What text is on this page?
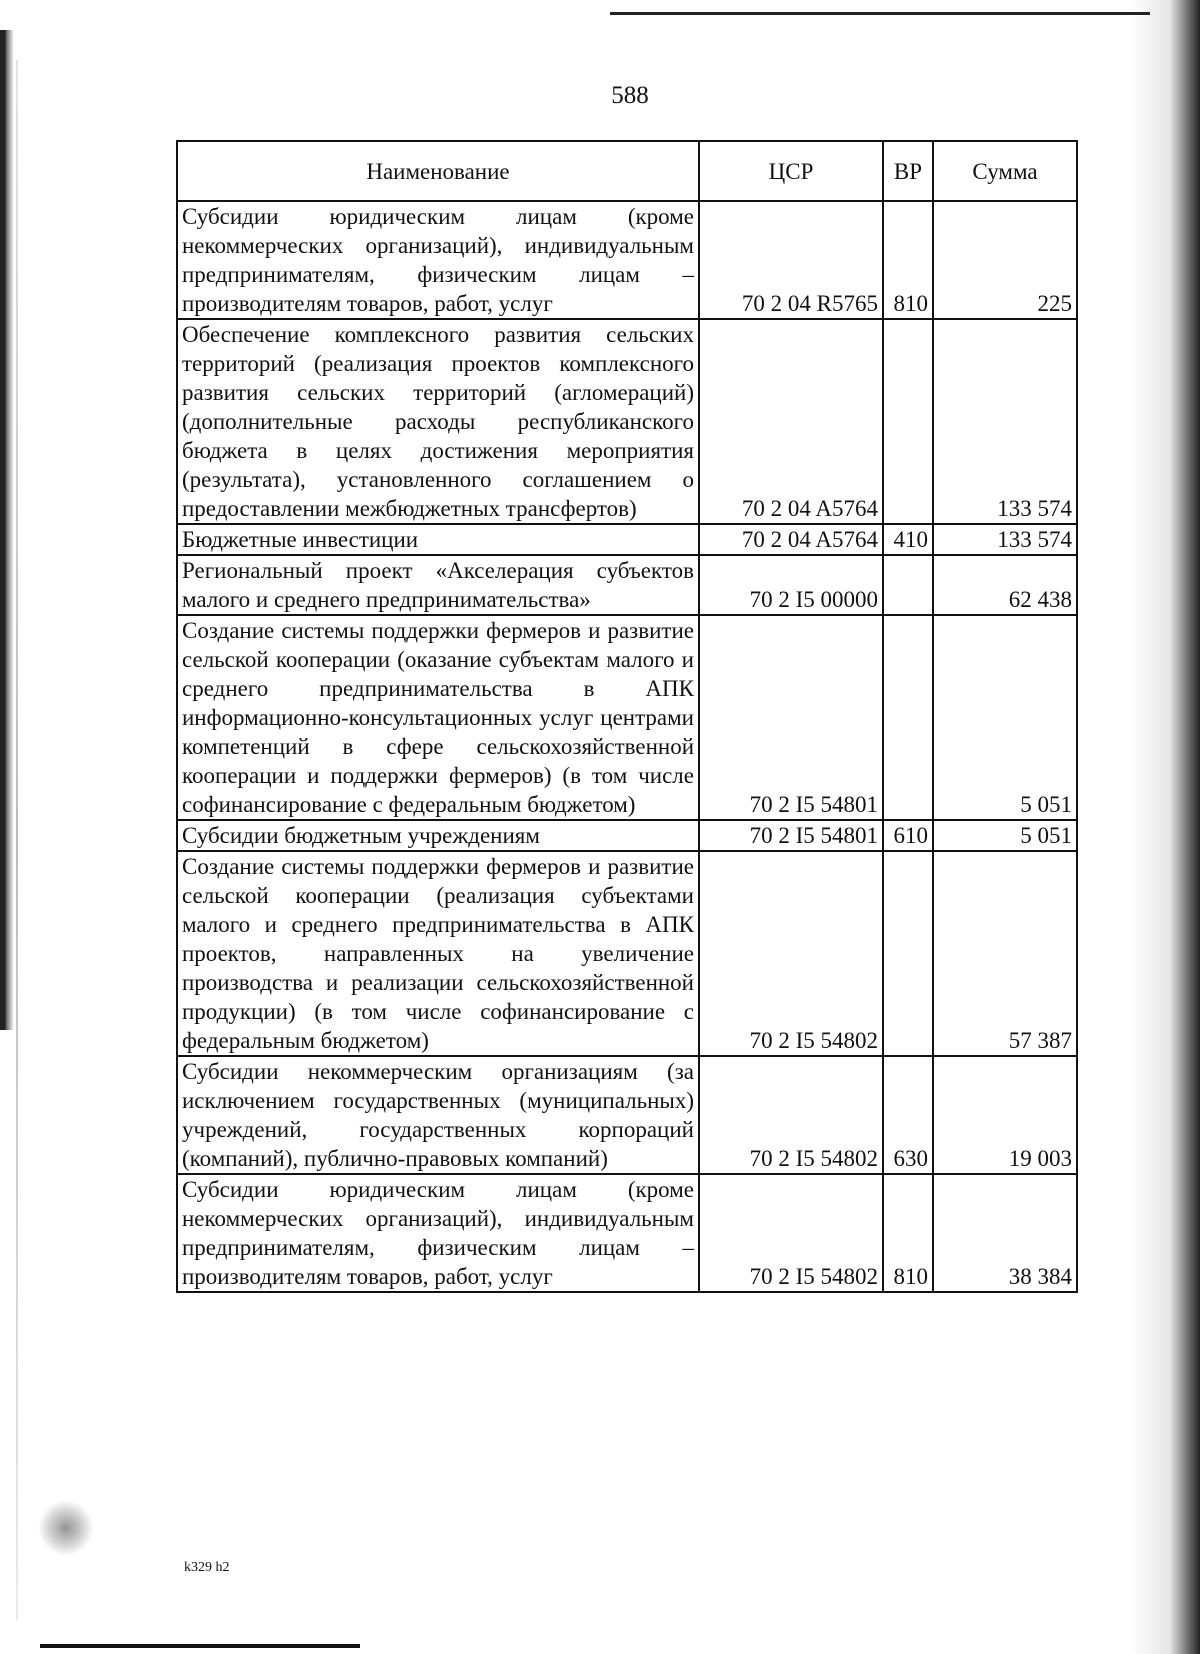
588
Наименование	ЦСР	ВР	Сумма
Субсидии юридическим лицам (кроме некоммерческих организаций), индивидуальным предпринимателям, физическим лицам – производителям товаров, работ, услуг	70 2 04 R5765	810	225
Обеспечение комплексного развития сельских территорий (реализация проектов комплексного развития сельских территорий (агломераций) (дополнительные расходы республиканского бюджета в целях достижения мероприятия (результата), установленного соглашением о предоставлении межбюджетных трансфертов)	70 2 04 A5764		133 574
Бюджетные инвестиции	70 2 04 A5764	410	133 574
Региональный проект «Акселерация субъектов малого и среднего предпринимательства»	70 2 I5 00000		62 438
Создание системы поддержки фермеров и развитие сельской кооперации (оказание субъектам малого и среднего предпринимательства в АПК информационно-консультационных услуг центрами компетенций в сфере сельскохозяйственной кооперации и поддержки фермеров) (в том числе софинансирование с федеральным бюджетом)	70 2 I5 54801		5 051
Субсидии бюджетным учреждениям	70 2 I5 54801	610	5 051
Создание системы поддержки фермеров и развитие сельской кооперации (реализация субъектами малого и среднего предпринимательства в АПК проектов, направленных на увеличение производства и реализации сельскохозяйственной продукции) (в том числе софинансирование с федеральным бюджетом)	70 2 I5 54802		57 387
Субсидии некоммерческим организациям (за исключением государственных (муниципальных) учреждений, государственных корпораций (компаний), публично-правовых компаний)	70 2 I5 54802	630	19 003
Субсидии юридическим лицам (кроме некоммерческих организаций), индивидуальным предпринимателям, физическим лицам – производителям товаров, работ, услуг	70 2 I5 54802	810	38 384
k329 h2
